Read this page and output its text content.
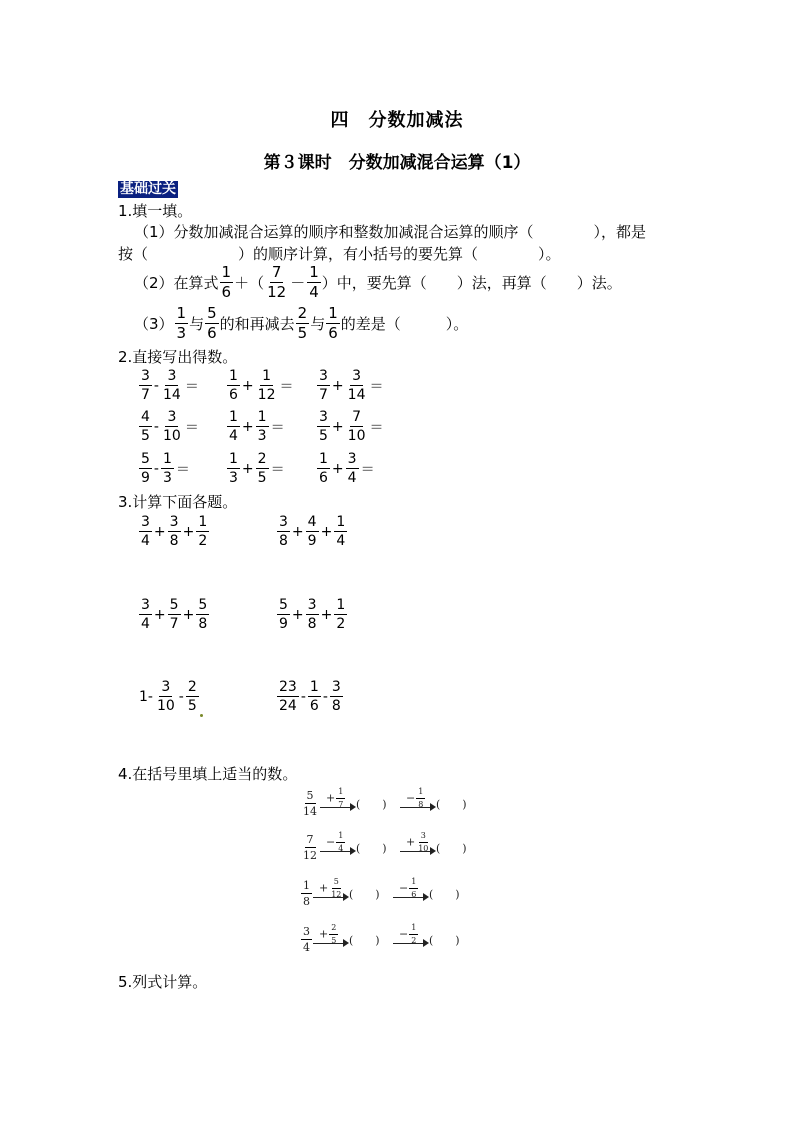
四　分数加减法
第３课时　分数加减混合运算（1）
基础过关
1.填一填。
（1）分数加减混合运算的顺序和整数加减混合运算的顺序（　　　　），都是
按（　　　　　　）的顺序计算，有小括号的要先算（　　　　）。
（2）在算式 $\frac{1}{6}$ ＋（ $\frac{7}{12} - \frac{1}{4}$ ）中，要先算（　　）法，再算（　　）法。
$(3) \frac{1}{3}$ 与 $\frac{5}{6}$ 的和再减去 $\frac{2}{5}$ 与 $\frac{1}{6}$ 的差是（　　　）。
2.直接写出得数。
$\frac{3}{7} - \frac{3}{14} = \frac{1}{6} + \frac{1}{12} = \frac{3}{7} + \frac{3}{14}$ ＝
$\frac{4}{5} - \frac{3}{10} = \frac{1}{4} + \frac{1}{3} = \frac{3}{5} + \frac{7}{10}$ ＝
$\frac{5}{9} - \frac{1}{3}$ ＝	$\frac{1}{3} + \frac{2}{5} = \frac{1}{6} + \frac{3}{4}$ ＝
3.计算下面各题。
$\frac{3}{4} + \frac{3}{8} + \frac{1}{2}$	$\frac{3}{8} + \frac{4}{9} + \frac{1}{4}$
$\frac{3}{4} + \frac{5}{7} + \frac{5}{8}$	$\frac{5}{9} + \frac{3}{8} + \frac{1}{2}$
$1- \frac{3}{10} - \frac{2}{5}$	$\frac{23}{24} - \frac{1}{6} - \frac{3}{8}$
4.在括号里填上适当的数。
$\frac{5}{14} + \frac{1}{7}$ (　　)	− $\frac{1}{8}$ (　　)
$\frac{7}{12} - \frac{1}{4}$ (　　)	+ $\frac{3}{10}$ (　　)
$\frac{1}{8} + \frac{5}{12}$ (　　)	− $\frac{1}{6}$ (　　)
$\frac{3}{4} + \frac{2}{5}$ (　　)	− $\frac{1}{2}$ (　　)
5.列式计算。
